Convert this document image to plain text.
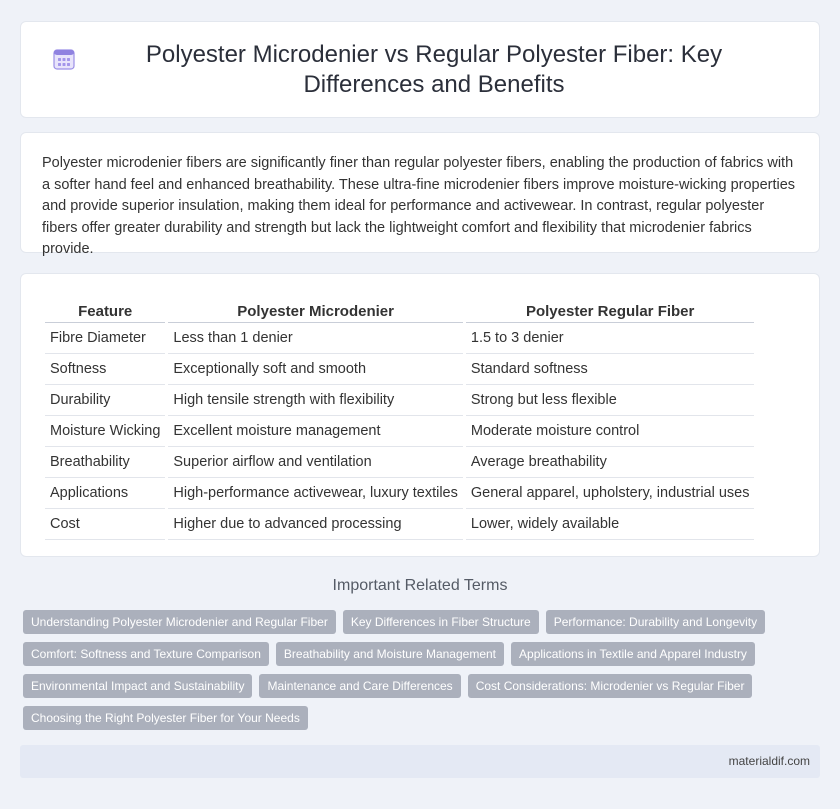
Polyester Microdenier vs Regular Polyester Fiber: Key Differences and Benefits

Polyester microdenier fibers are significantly finer than regular polyester fibers, enabling the production of fabrics with a softer hand feel and enhanced breathability. These ultra-fine microdenier fibers improve moisture-wicking properties and provide superior insulation, making them ideal for performance and activewear. In contrast, regular polyester fibers offer greater durability and strength but lack the lightweight comfort and flexibility that microdenier fabrics provide.

Feature	Polyester Microdenier	Polyester Regular Fiber
Fibre Diameter	Less than 1 denier	1.5 to 3 denier
Softness	Exceptionally soft and smooth	Standard softness
Durability	High tensile strength with flexibility	Strong but less flexible
Moisture Wicking	Excellent moisture management	Moderate moisture control
Breathability	Superior airflow and ventilation	Average breathability
Applications	High-performance activewear, luxury textiles	General apparel, upholstery, industrial uses
Cost	Higher due to advanced processing	Lower, widely available
Important Related Terms
Understanding Polyester Microdenier and Regular Fiber	Key Differences in Fiber Structure	Performance: Durability and Longevity
Comfort: Softness and Texture Comparison	Breathability and Moisture Management	Applications in Textile and Apparel Industry
Environmental Impact and Sustainability	Maintenance and Care Differences	Cost Considerations: Microdenier vs Regular Fiber
Choosing the Right Polyester Fiber for Your Needs
materialdif.com
